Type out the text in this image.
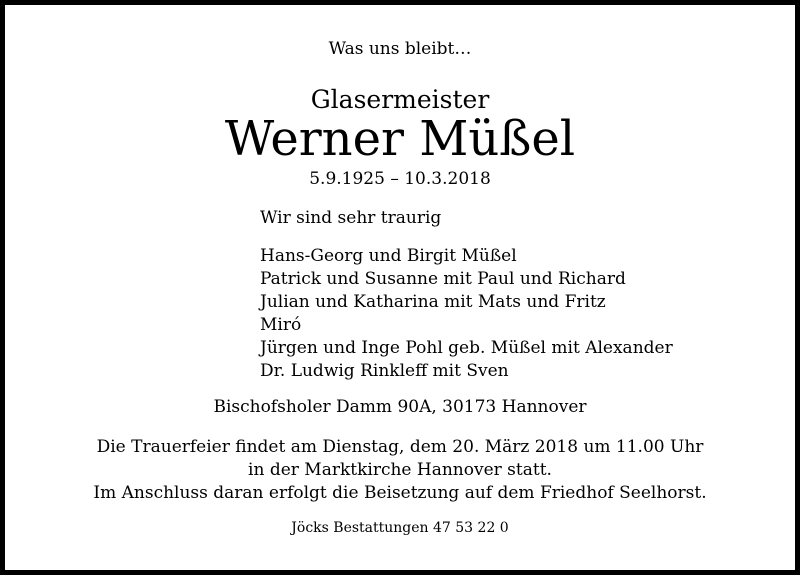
Was uns bleibt…
Glasermeister
Werner Müßel
5.9.1925 – 10.3.2018
Wir sind sehr traurig
Hans-Georg und Birgit Müßel
Patrick und Susanne mit Paul und Richard
Julian und Katharina mit Mats und Fritz
Miró
Jürgen und Inge Pohl geb. Müßel mit Alexander
Dr. Ludwig Rinkleff mit Sven
Bischofsholer Damm 90A, 30173 Hannover
Die Trauerfeier findet am Dienstag, dem 20. März 2018 um 11.00 Uhr
in der Marktkirche Hannover statt.
Im Anschluss daran erfolgt die Beisetzung auf dem Friedhof Seelhorst.
Jöcks Bestattungen 47 53 22 0
